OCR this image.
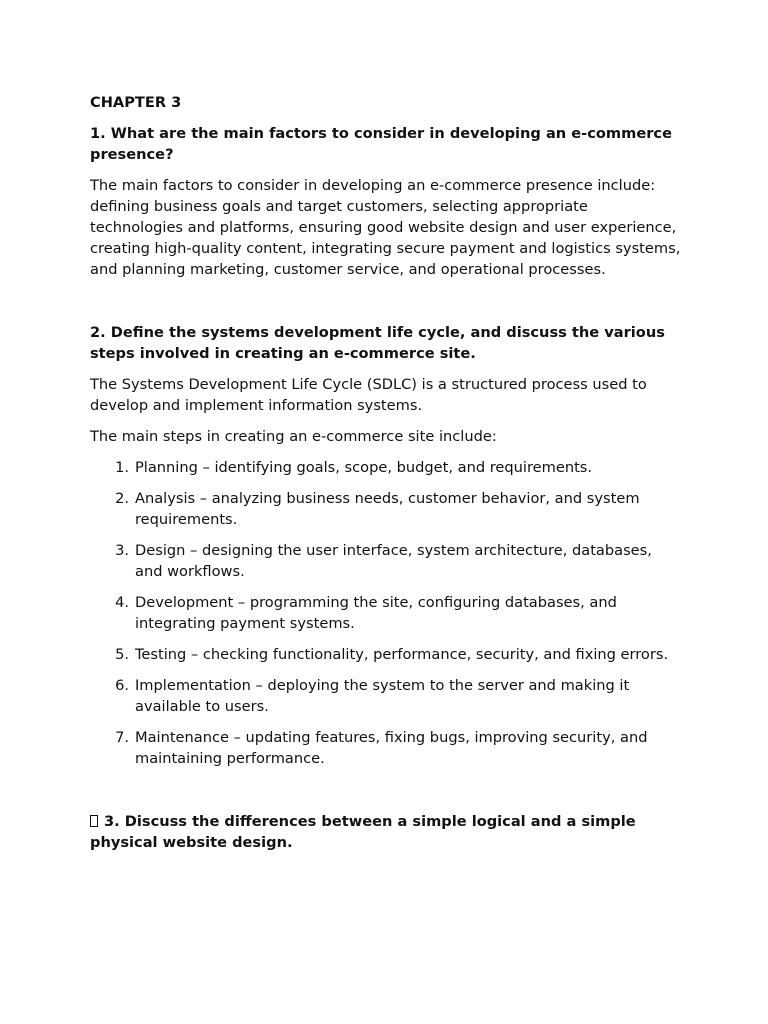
CHAPTER 3
1. What are the main factors to consider in developing an e-commerce presence?
The main factors to consider in developing an e-commerce presence include: defining business goals and target customers, selecting appropriate technologies and platforms, ensuring good website design and user experience, creating high-quality content, integrating secure payment and logistics systems, and planning marketing, customer service, and operational processes.
2. Define the systems development life cycle, and discuss the various steps involved in creating an e-commerce site.
The Systems Development Life Cycle (SDLC) is a structured process used to develop and implement information systems.
The main steps in creating an e-commerce site include:
1. Planning – identifying goals, scope, budget, and requirements.
2. Analysis – analyzing business needs, customer behavior, and system requirements.
3. Design – designing the user interface, system architecture, databases, and workflows.
4. Development – programming the site, configuring databases, and integrating payment systems.
5. Testing – checking functionality, performance, security, and fixing errors.
6. Implementation – deploying the system to the server and making it available to users.
7. Maintenance – updating features, fixing bugs, improving security, and maintaining performance.
3. Discuss the differences between a simple logical and a simple physical website design.
